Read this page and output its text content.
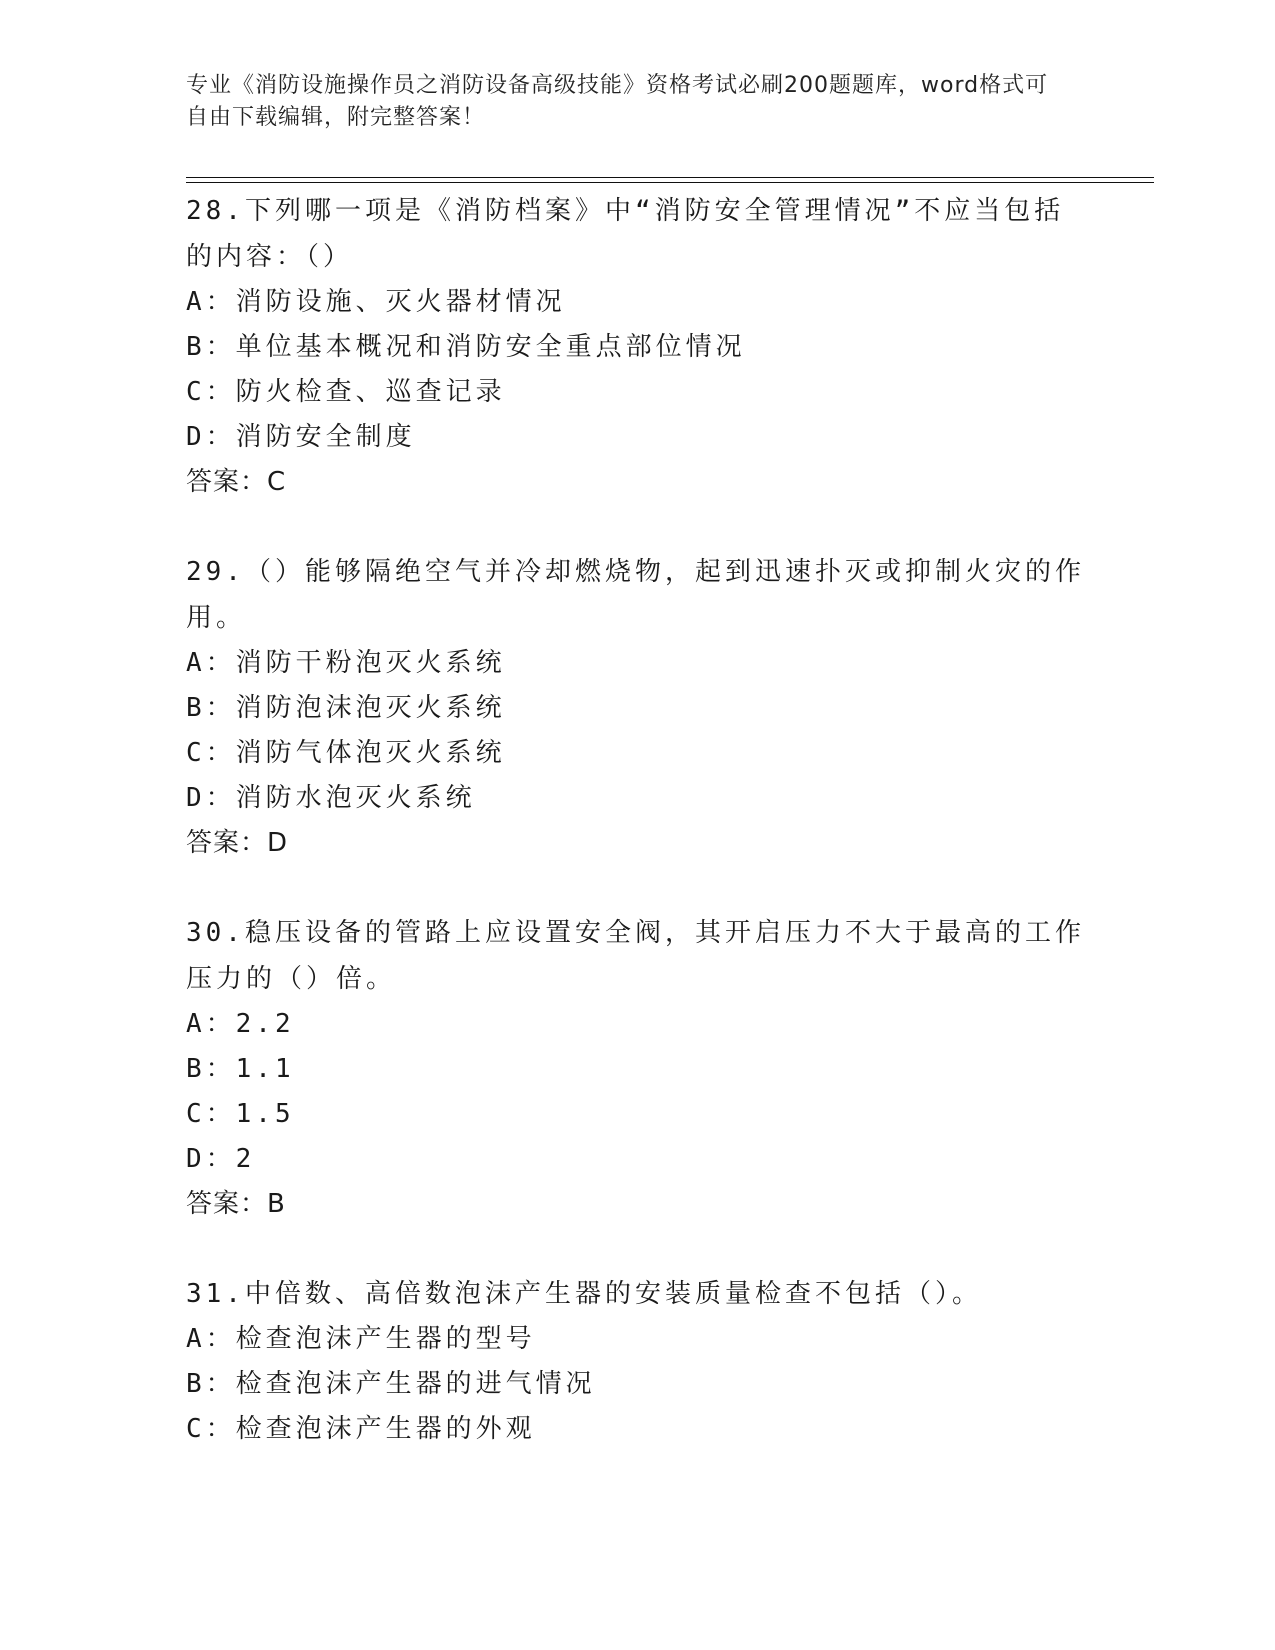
专业《消防设施操作员之消防设备高级技能》资格考试必刷200题题库，word格式可自由下载编辑，附完整答案！

28.下列哪一项是《消防档案》中“消防安全管理情况”不应当包括的内容：（）

A：消防设施、灭火器材情况

B：单位基本概况和消防安全重点部位情况

C：防火检查、巡查记录

D：消防安全制度

答案：C

29.（）能够隔绝空气并冷却燃烧物，起到迅速扑灭或抑制火灾的作用。

A：消防干粉泡灭火系统

B：消防泡沫泡灭火系统

C：消防气体泡灭火系统

D：消防水泡灭火系统

答案：D

30.稳压设备的管路上应设置安全阀，其开启压力不大于最高的工作压力的（）倍。

A：2.2

B：1.1

C：1.5

D：2

答案：B

31.中倍数、高倍数泡沫产生器的安装质量检查不包括（）。

A：检查泡沫产生器的型号

B：检查泡沫产生器的进气情况

C：检查泡沫产生器的外观
